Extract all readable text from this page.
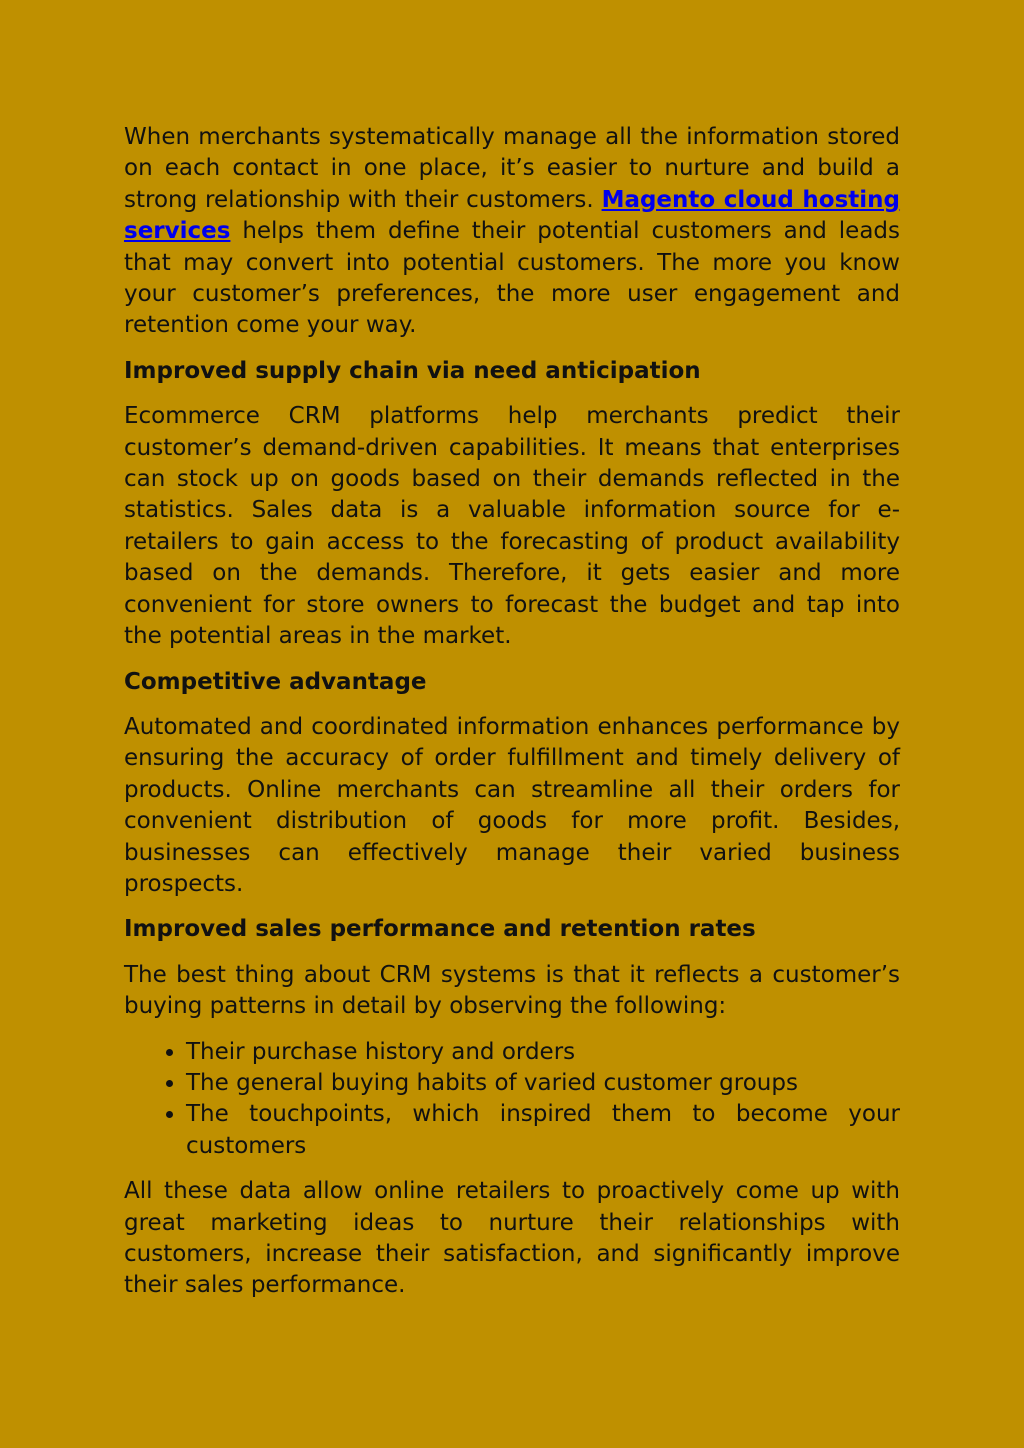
When merchants systematically manage all the information stored on each contact in one place, it’s easier to nurture and build a strong relationship with their customers. Magento cloud hosting services helps them define their potential customers and leads that may convert into potential customers. The more you know your customer’s preferences, the more user engagement and retention come your way.

Improved supply chain via need anticipation

Ecommerce CRM platforms help merchants predict their customer’s demand-driven capabilities. It means that enterprises can stock up on goods based on their demands reflected in the statistics. Sales data is a valuable information source for e-retailers to gain access to the forecasting of product availability based on the demands. Therefore, it gets easier and more convenient for store owners to forecast the budget and tap into the potential areas in the market.

Competitive advantage

Automated and coordinated information enhances performance by ensuring the accuracy of order fulfillment and timely delivery of products. Online merchants can streamline all their orders for convenient distribution of goods for more profit. Besides, businesses can effectively manage their varied business prospects.

Improved sales performance and retention rates

The best thing about CRM systems is that it reflects a customer’s buying patterns in detail by observing the following:

• Their purchase history and orders
• The general buying habits of varied customer groups
• The touchpoints, which inspired them to become your customers

All these data allow online retailers to proactively come up with great marketing ideas to nurture their relationships with customers, increase their satisfaction, and significantly improve their sales performance.
